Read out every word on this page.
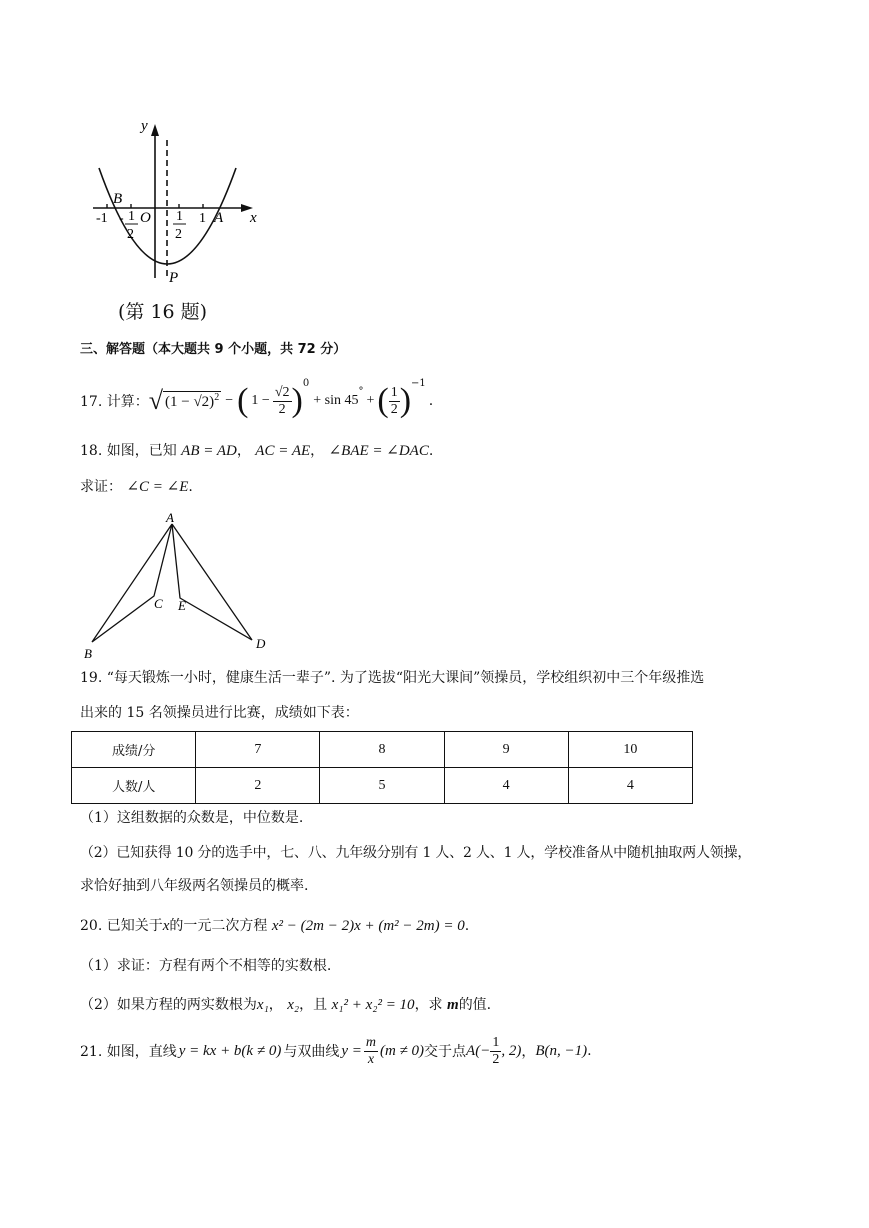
y
x
B
-1 - 1
2
O 1
2
1 A
P
(第 16 题)
三、解答题（本大题共 9 个小题，共 72 分）
17. 计算： √ $(1 - √2)^2$ − ( $1 - \frac{√2}{2} )^0$
+ sin 45
°
+ ( $\frac{1}{2} )^{-1}$
.
18. 如图，已知 AB = AD， AC = AE， ∠BAE = ∠DAC.
求证： ∠C = ∠E.
A
B
C E
D
19. “每天锻炼一小时，健康生活一辈子”. 为了选拔“阳光大课间”领操员，学校组织初中三个年级推选
出来的 15 名领操员进行比赛，成绩如下表：
成绩/分	7	8	9	10
人数/人	2	5	4	4
（1）这组数据的众数是，中位数是.
（2）已知获得 10 分的选手中，七、八、九年级分别有 1 人、2 人、1 人，学校准备从中随机抽取两人领操，
求恰好抽到八年级两名领操员的概率.
20. 已知关于x的一元二次方程 x² − (2m − 2)x + (m² − 2m) = 0.
（1）求证：方程有两个不相等的实数根.
（2）如果方程的两实数根为x₁， x₂，且 x₁² + x₂² = 10，求 m的值.
21. 如图，直线 y = kx + b(k ≠ 0) 与双曲线 $y = \frac{m}{x} (m \ne 0)$ 交于点 $A(- \frac{1}{2}$ , 2) ， B(n, −1) .
